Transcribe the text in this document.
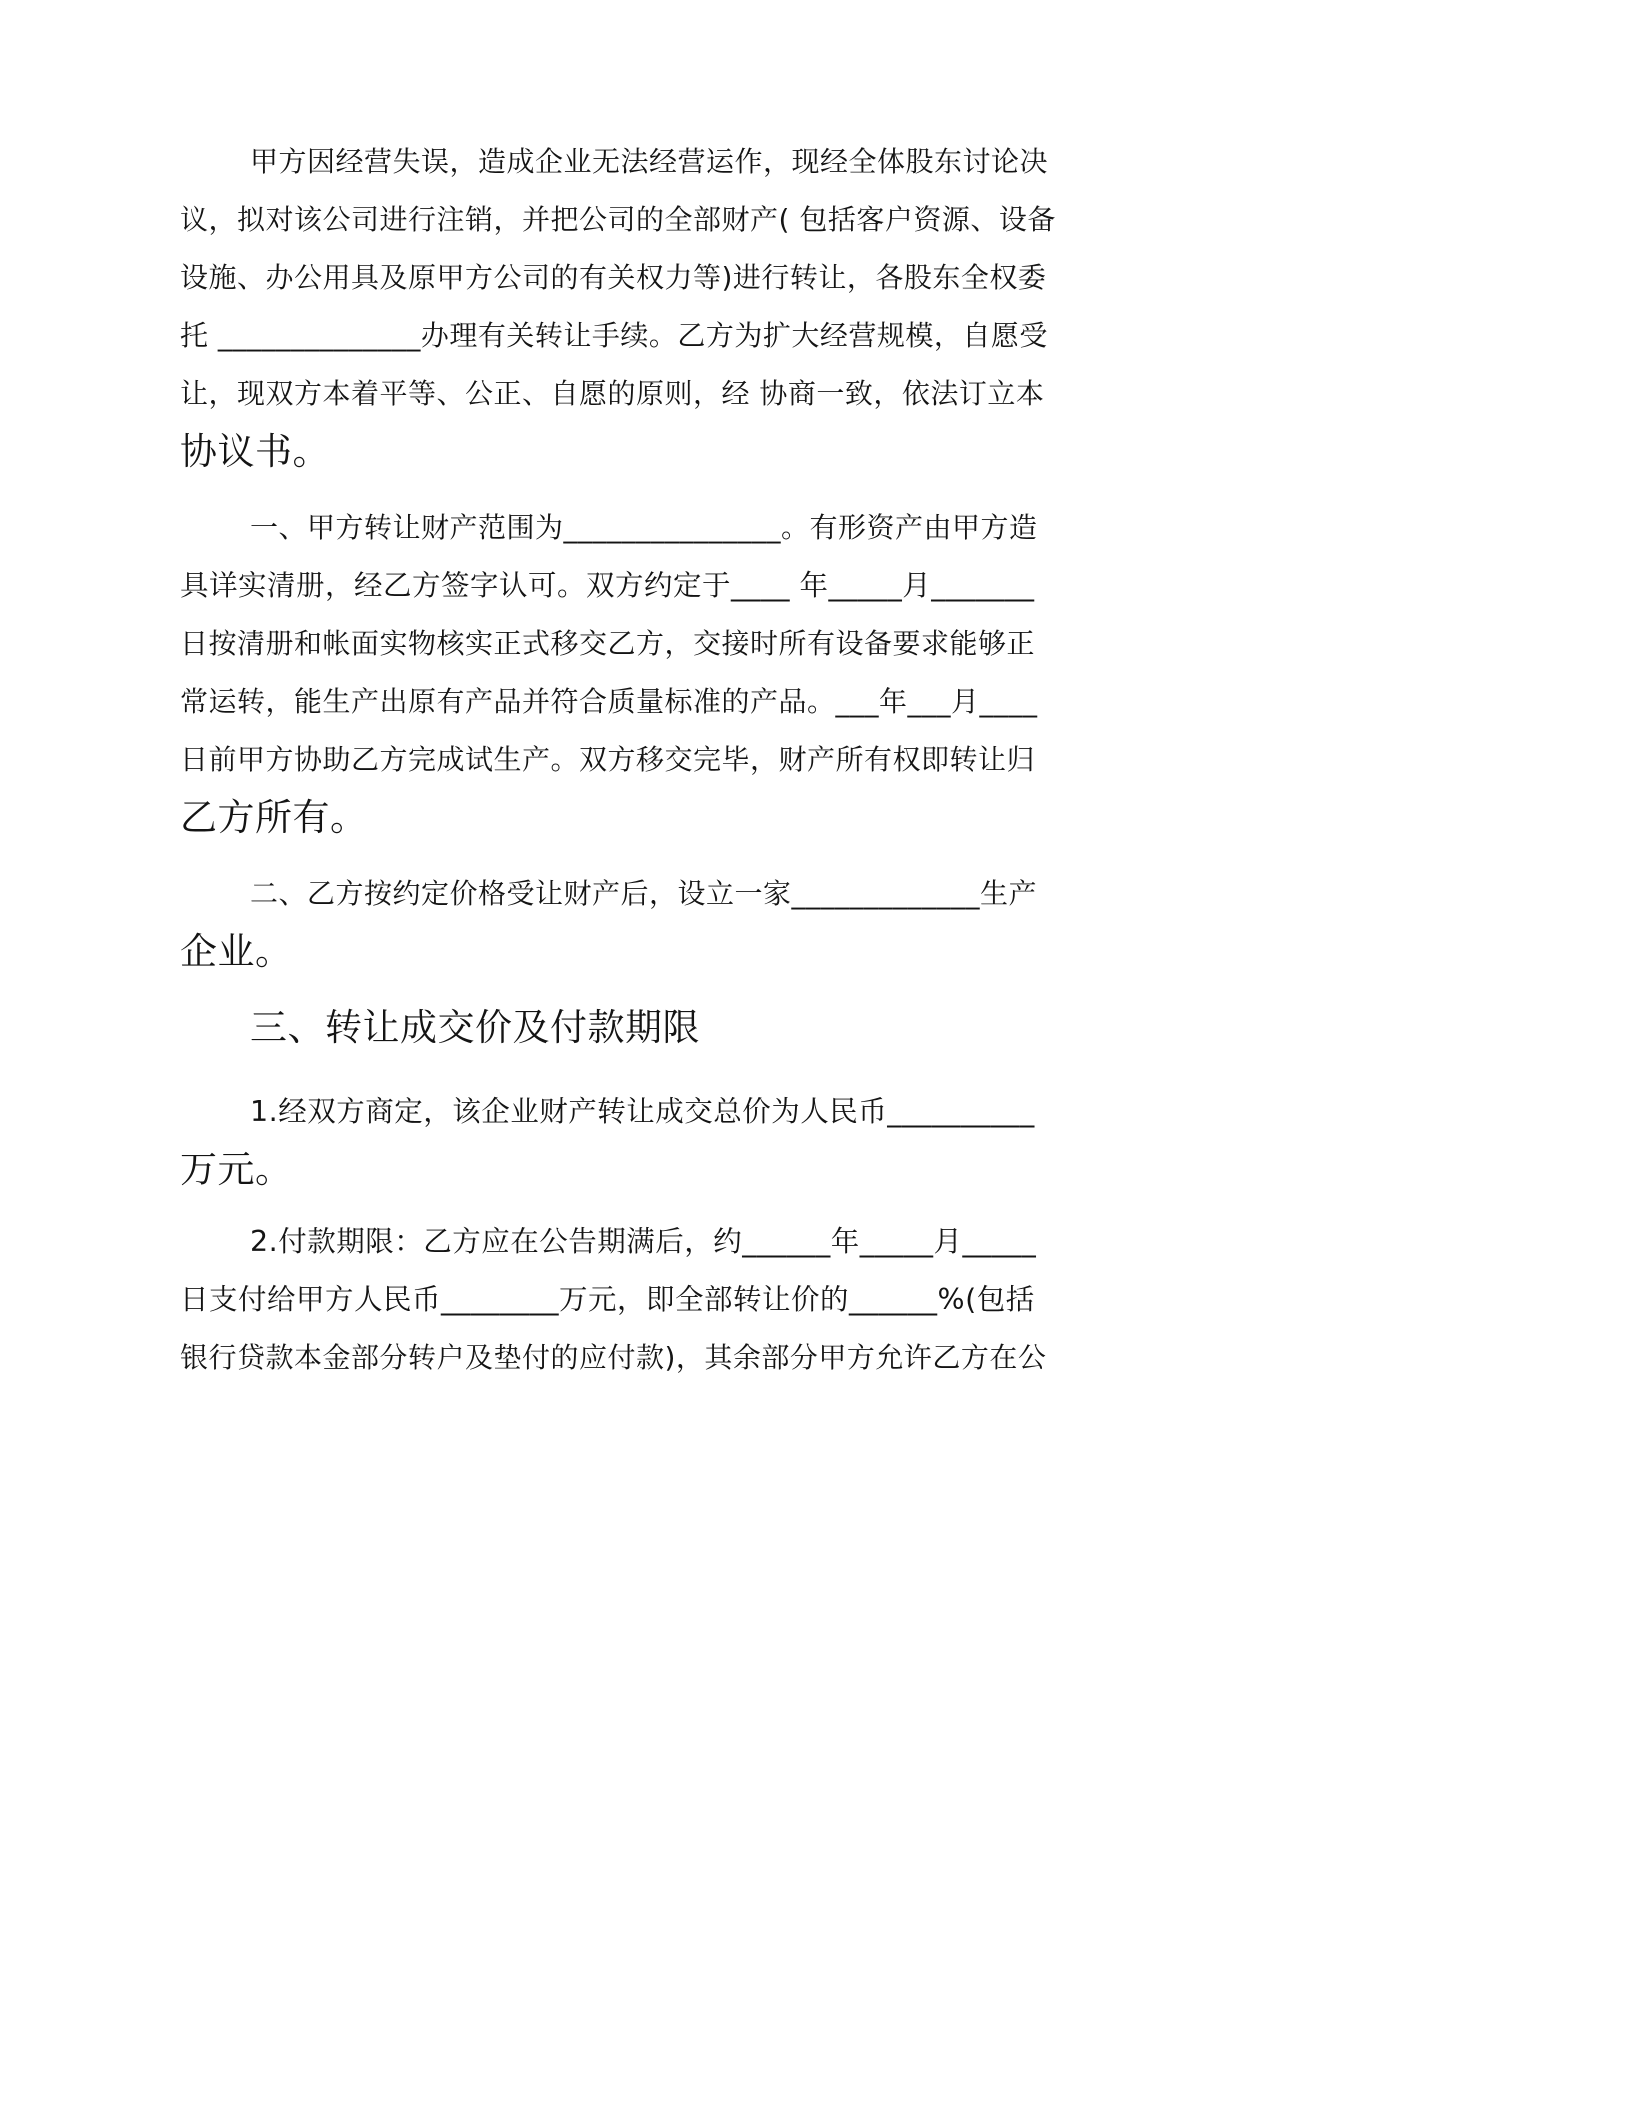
甲方因经营失误，造成企业无法经营运作，现经全体股东讨论决

议，拟对该公司进行注销，并把公司的全部财产( 包括客户资源、设备

设施、办公用具及原甲方公司的有关权力等)进行转让，各股东全权委

托 ______________办理有关转让手续。乙方为扩大经营规模，自愿受

让，现双方本着平等、公正、自愿的原则，经 协商一致，依法订立本

协议书。

一、甲方转让财产范围为_______________。有形资产由甲方造

具详实清册，经乙方签字认可。双方约定于____ 年_____月_______

日按清册和帐面实物核实正式移交乙方，交接时所有设备要求能够正

常运转，能生产出原有产品并符合质量标准的产品。___年___月____

日前甲方协助乙方完成试生产。双方移交完毕，财产所有权即转让归

乙方所有。

二、乙方按约定价格受让财产后，设立一家_____________生产

企业。

三、转让成交价及付款期限

1.经双方商定，该企业财产转让成交总价为人民币__________

万元。

2.付款期限：乙方应在公告期满后，约______年_____月_____

日支付给甲方人民币________万元，即全部转让价的______%(包括

银行贷款本金部分转户及垫付的应付款)，其余部分甲方允许乙方在公
